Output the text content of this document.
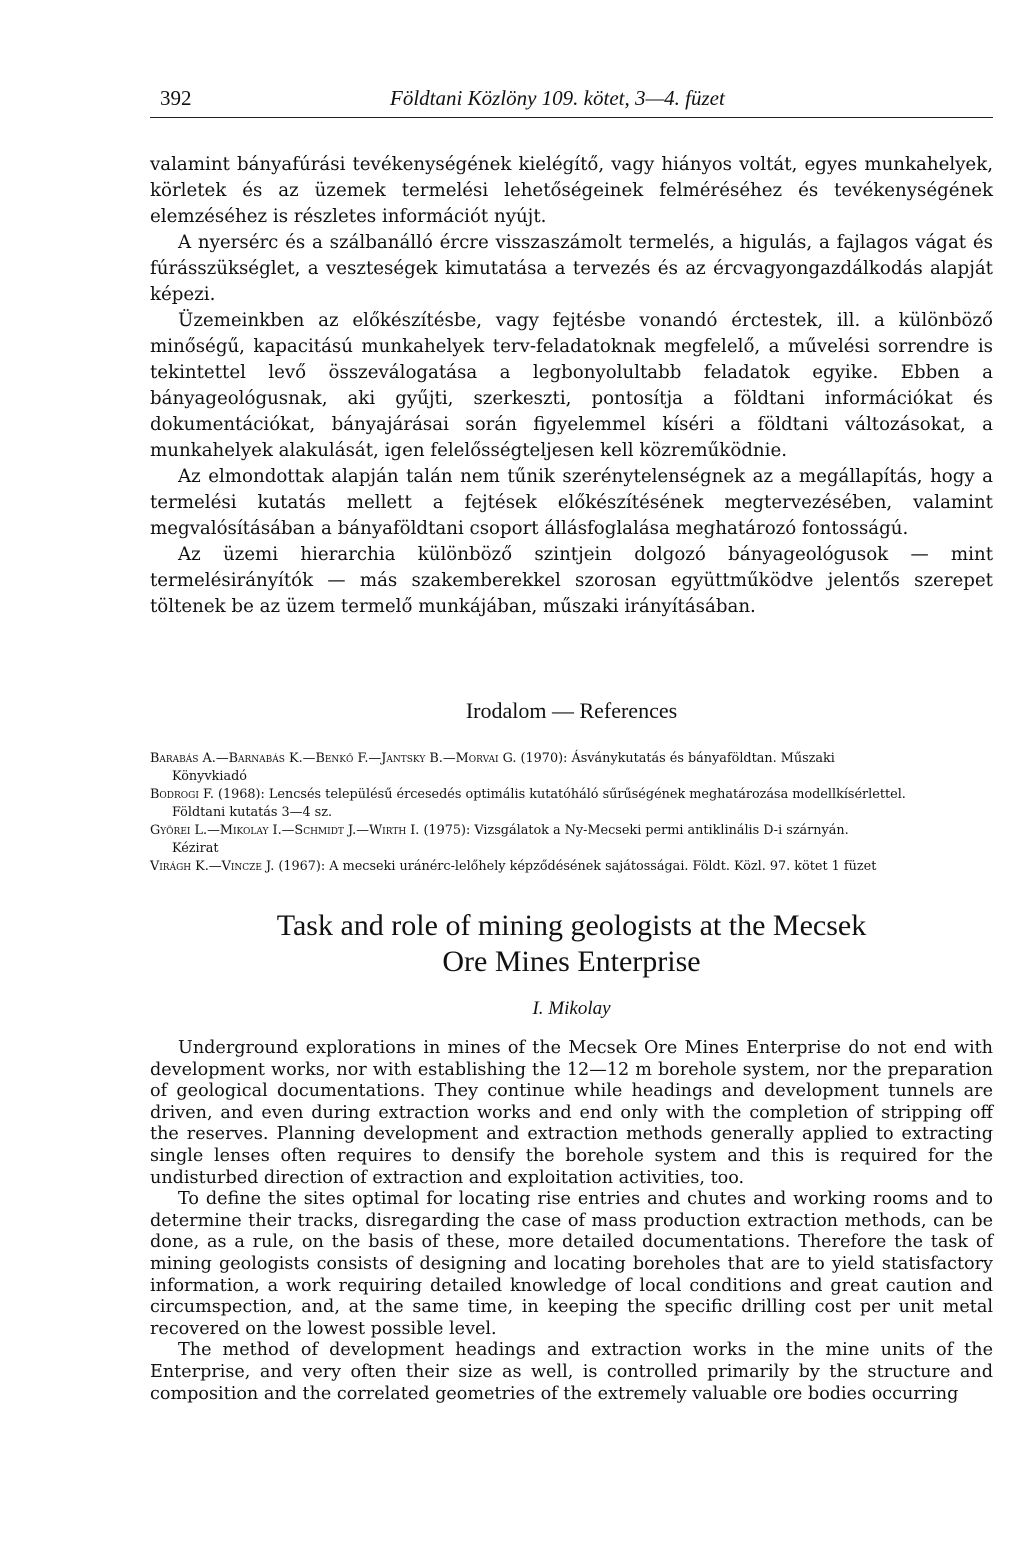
392	Földtani Közlöny 109. kötet, 3—4. füzet

valamint bányafúrási tevékenységének kielégítő, vagy hiányos voltát, egyes munkahelyek, körletek és az üzemek termelési lehetőségeinek felméréséhez és tevékenységének elemzéséhez is részletes információt nyújt.

A nyersérc és a szálbanálló ércre visszaszámolt termelés, a higulás, a fajlagos vágat és fúrásszükséglet, a veszteségek kimutatása a tervezés és az ércvagyongazdálkodás alapját képezi.

Üzemeinkben az előkészítésbe, vagy fejtésbe vonandó érctestek, ill. a különböző minőségű, kapacitású munkahelyek terv-feladatoknak megfelelő, a művelési sorrendre is tekintettel levő összeválogatása a legbonyolultabb feladatok egyike. Ebben a bányageológusnak, aki gyűjti, szerkeszti, pontosítja a földtani információkat és dokumentációkat, bányajárásai során figyelemmel kíséri a földtani változásokat, a munkahelyek alakulását, igen felelősségteljesen kell közreműködnie.

Az elmondottak alapján talán nem tűnik szerénytelenségnek az a megállapítás, hogy a termelési kutatás mellett a fejtések előkészítésének megtervezésében, valamint megvalósításában a bányaföldtani csoport állásfoglalása meghatározó fontosságú.

Az üzemi hierarchia különböző szintjein dolgozó bányageológusok — mint termelésirányítók — más szakemberekkel szorosan együttműködve jelentős szerepet töltenek be az üzem termelő munkájában, műszaki irányításában.

Irodalom — References
Barabás A.—Barnabás K.—Benkő F.—Jantsky B.—Morvai G. (1970): Ásványkutatás és bányaföldtan. Műszaki
Könyvkiadó
Bodrogi F. (1968): Lencsés településű ércesedés optimális kutatóháló sűrűségének meghatározása modellkísérlettel.
Földtani kutatás 3—4 sz.
Györei L.—Mikolay I.—Schmidt J.—Wirth I. (1975): Vizsgálatok a Ny-Mecseki permi antiklinális D-i szárnyán.
Kézirat
Virágh K.—Vincze J. (1967): A mecseki uránérc-lelőhely képződésének sajátosságai. Földt. Közl. 97. kötet 1 füzet
Task and role of mining geologists at the Mecsek
Ore Mines Enterprise
I. Mikolay

Underground explorations in mines of the Mecsek Ore Mines Enterprise do not end with development works, nor with establishing the 12—12 m borehole system, nor the preparation of geological documentations. They continue while headings and development tunnels are driven, and even during extraction works and end only with the completion of stripping off the reserves. Planning development and extraction methods generally applied to extracting single lenses often requires to densify the borehole system and this is required for the undisturbed direction of extraction and exploitation activities, too.

To define the sites optimal for locating rise entries and chutes and working rooms and to determine their tracks, disregarding the case of mass production extraction methods, can be done, as a rule, on the basis of these, more detailed documentations. Therefore the task of mining geologists consists of designing and locating boreholes that are to yield statisfactory information, a work requiring detailed knowledge of local conditions and great caution and circumspection, and, at the same time, in keeping the specific drilling cost per unit metal recovered on the lowest possible level.

The method of development headings and extraction works in the mine units of the Enterprise, and very often their size as well, is controlled primarily by the structure and composition and the correlated geometries of the extremely valuable ore bodies occurring
